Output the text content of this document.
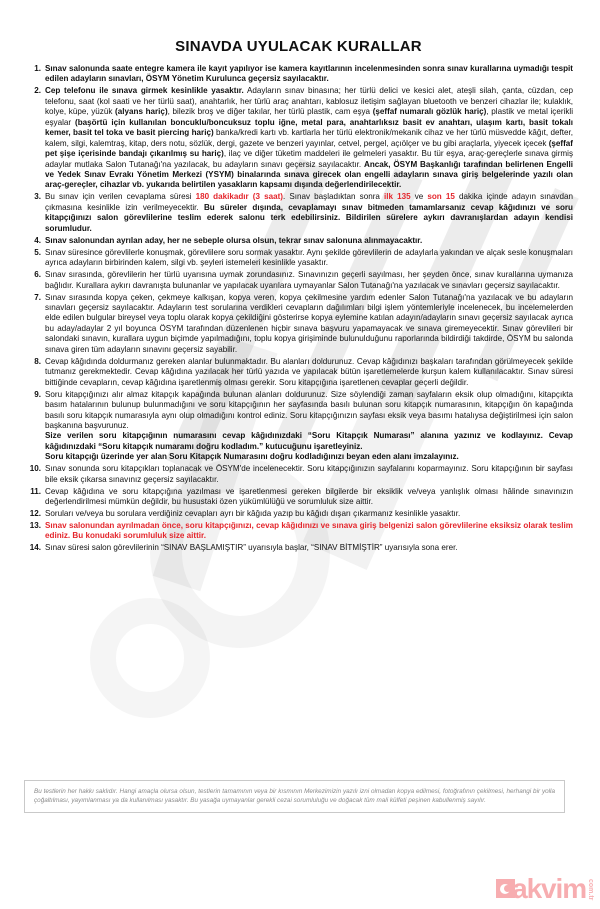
SINAVDA UYULACAK KURALLAR
1. Sınav salonunda saate entegre kamera ile kayıt yapılıyor ise kamera kayıtlarının incelenmesinden sonra sınav kurallarına uymadığı tespit edilen adayların sınavları, ÖSYM Yönetim Kurulunca geçersiz sayılacaktır.
2. Cep telefonu ile sınava girmek kesinlikle yasaktır. Adayların sınav binasına; her türlü delici ve kesici alet, ateşli silah, çanta, cüzdan, cep telefonu, saat (kol saati ve her türlü saat), anahtarlık, her türlü araç anahtarı, kablosuz iletişim sağlayan bluetooth ve benzeri cihazlar ile; kulaklık, kolye, küpe, yüzük (alyans hariç), bilezik broş ve diğer takılar, her türlü plastik, cam eşya (şeffaf numaralı gözlük hariç), plastik ve metal içerikli eşyalar (başörtü için kullanılan boncuklu/boncuksuz toplu iğne, metal para, anahtarlıksız basit ev anahtarı, ulaşım kartı, basit tokalı kemer, basit tel toka ve basit piercing hariç) banka/kredi kartı vb. kartlarla her türlü elektronik/mekanik cihaz ve her türlü müsvedde kâğıt, defter, kalem, silgi, kalemtraş, kitap, ders notu, sözlük, dergi, gazete ve benzeri yayınlar, cetvel, pergel, açıölçer ve bu gibi araçlarla, yiyecek içecek (şeffaf pet şişe içerisinde bandajı çıkarılmış su hariç), ilaç ve diğer tüketim maddeleri ile gelmeleri yasaktır. Bu tür eşya, araç-gereçlerle sınava girmiş adaylar mutlaka Salon Tutanağı'na yazılacak, bu adayların sınavı geçersiz sayılacaktır. Ancak, ÖSYM Başkanlığı tarafından belirlenen Engelli ve Yedek Sınav Evrakı Yönetim Merkezi (YSYM) binalarında sınava girecek olan engelli adayların sınava giriş belgelerinde yazılı olan araç-gereçler, cihazlar vb. yukarıda belirtilen yasakların kapsamı dışında değerlendirilecektir.
3. Bu sınav için verilen cevaplama süresi 180 dakikadır (3 saat). Sınav başladıktan sonra ilk 135 ve son 15 dakika içinde adayın sınavdan çıkmasına kesinlikle izin verilmeyecektir. Bu süreler dışında, cevaplamayı sınav bitmeden tamamlarsanız cevap kâğıdınızı ve soru kitapçığınızı salon görevlilerine teslim ederek salonu terk edebilirsiniz. Bildirilen sürelere aykırı davranışlardan adayın kendisi sorumludur.
4. Sınav salonundan ayrılan aday, her ne sebeple olursa olsun, tekrar sınav salonuna alınmayacaktır.
5. Sınav süresince görevlilerle konuşmak, görevlilere soru sormak yasaktır. Aynı şekilde görevlilerin de adaylarla yakından ve alçak sesle konuşmaları ayrıca adayların birbirinden kalem, silgi vb. şeyleri istemeleri kesinlikle yasaktır.
6. Sınav sırasında, görevlilerin her türlü uyarısına uymak zorundasınız. Sınavınızın geçerli sayılması, her şeyden önce, sınav kurallarına uymanıza bağlıdır. Kurallara aykırı davranışta bulunanlar ve yapılacak uyarılara uymayanlar Salon Tutanağı'na yazılacak ve sınavları geçersiz sayılacaktır.
7. Sınav sırasında kopya çeken, çekmeye kalkışan, kopya veren, kopya çekilmesine yardım edenler Salon Tutanağı'na yazılacak ve bu adayların sınavları geçersiz sayılacaktır. Adayların test sorularına verdikleri cevapların dağılımları bilgi işlem yöntemleriyle incelenecek, bu incelemelerden elde edilen bulgular bireysel veya toplu olarak kopya çekildiğini gösterirse kopya eylemine katılan adayın/adayların sınavı geçersiz sayılacak ayrıca bu aday/adaylar 2 yıl boyunca ÖSYM tarafından düzenlenen hiçbir sınava başvuru yapamayacak ve sınava giremeyecektir. Sınav görevlileri bir salondaki sınavın, kurallara uygun biçimde yapılmadığını, toplu kopya girişiminde bulunulduğunu raporlarında bildirdiği takdirde, ÖSYM bu salonda sınava giren tüm adayların sınavını geçersiz sayabilir.
8. Cevap kâğıdında doldurmanız gereken alanlar bulunmaktadır. Bu alanları doldurunuz. Cevap kâğıdınızı başkaları tarafından görülmeyecek şekilde tutmanız gerekmektedir. Cevap kâğıdına yazılacak her türlü yazıda ve yapılacak bütün işaretlemelerde kurşun kalem kullanılacaktır. Sınav süresi bittiğinde cevapların, cevap kâğıdına işaretlenmiş olması gerekir. Soru kitapçığına işaretlenen cevaplar geçerli değildir.
9. Soru kitapçığınızı alır almaz kitapçık kapağında bulunan alanları doldurunuz. Size söylendiği zaman sayfaların eksik olup olmadığını, kitapçıkta basım hatalarının bulunup bulunmadığını ve soru kitapçığının her sayfasında basılı bulunan soru kitapçık numarasının, kitapçığın ön kapağında basılı soru kitapçık numarasıyla aynı olup olmadığını kontrol ediniz. Soru kitapçığınızın sayfası eksik veya basımı hatalıysa değiştirilmesi için salon başkanına başvurunuz.
Size verilen soru kitapçığının numarasını cevap kâğıdınızdaki “Soru Kitapçık Numarası” alanına yazınız ve kodlayınız. Cevap kâğıdınızdaki “Soru kitapçık numaramı doğru kodladım.” kutucuğunu işaretleyiniz.
Soru kitapçığı üzerinde yer alan Soru Kitapçık Numarasını doğru kodladığınızı beyan eden alanı imzalayınız.
10. Sınav sonunda soru kitapçıkları toplanacak ve ÖSYM'de incelenecektir. Soru kitapçığınızın sayfalarını koparmayınız. Soru kitapçığının bir sayfası bile eksik çıkarsa sınavınız geçersiz sayılacaktır.
11. Cevap kâğıdına ve soru kitapçığına yazılması ve işaretlenmesi gereken bilgilerde bir eksiklik ve/veya yanlışlık olması hâlinde sınavınızın değerlendirilmesi mümkün değildir, bu husustaki özen yükümlülüğü ve sorumluluk size aittir.
12. Soruları ve/veya bu sorulara verdiğiniz cevapları ayrı bir kâğıda yazıp bu kâğıdı dışarı çıkarmanız kesinlikle yasaktır.
13. Sınav salonundan ayrılmadan önce, soru kitapçığınızı, cevap kâğıdınızı ve sınava giriş belgenizi salon görevlilerine eksiksiz olarak teslim ediniz. Bu konudaki sorumluluk size aittir.
14. Sınav süresi salon görevlilerinin “SINAV BAŞLAMIŞTIR” uyarısıyla başlar, “SINAV BİTMİŞTİR” uyarısıyla sona erer.
Bu testlerin her hakkı saklıdır. Hangi amaçla olursa olsun, testlerin tamamının veya bir kısmının Merkezimizin yazılı izni olmadan kopya edilmesi, fotoğrafının çekilmesi, herhangi bir yolla çoğaltılması, yayımlanması ya da kullanılması yasaktır. Bu yasağa uymayanlar gerekli cezai sorumluluğu ve doğacak tüm mali külfeti peşinen kabullenmiş sayılır.
akvim com.tr
